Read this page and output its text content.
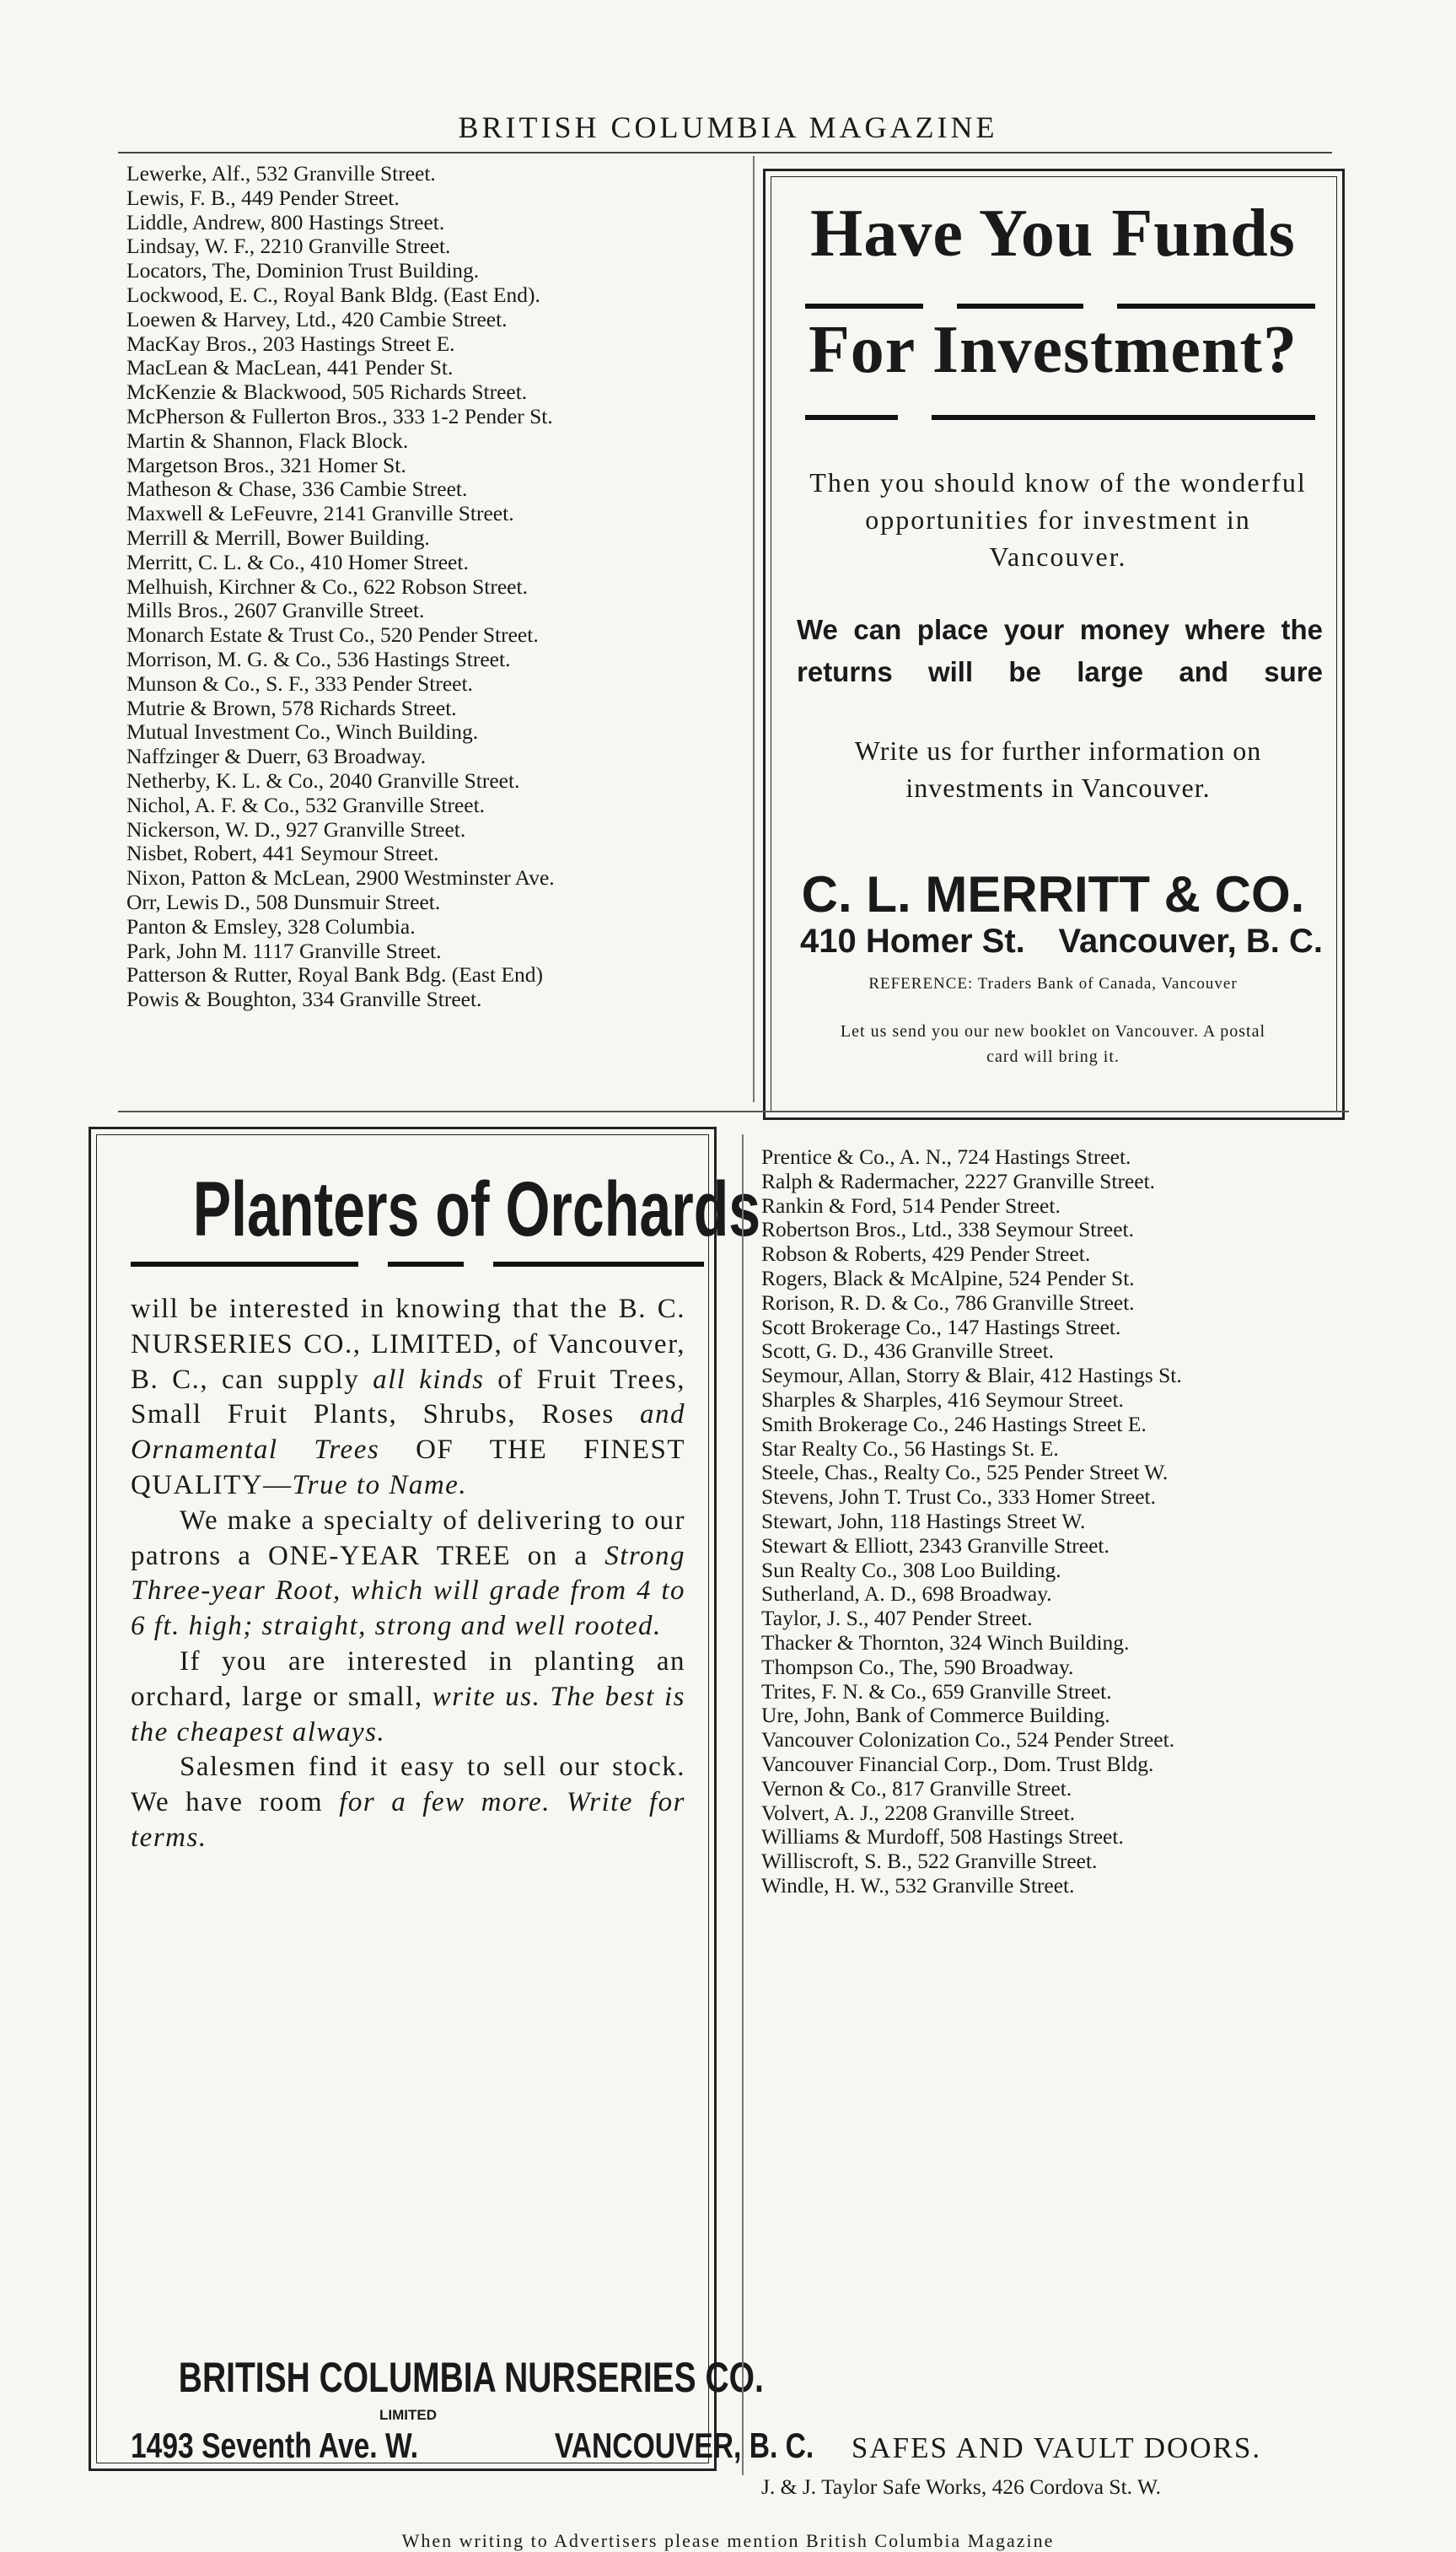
BRITISH COLUMBIA MAGAZINE
Lewerke, Alf., 532 Granville Street.
Lewis, F. B., 449 Pender Street.
Liddle, Andrew, 800 Hastings Street.
Lindsay, W. F., 2210 Granville Street.
Locators, The, Dominion Trust Building.
Lockwood, E. C., Royal Bank Bldg. (East End).
Loewen & Harvey, Ltd., 420 Cambie Street.
MacKay Bros., 203 Hastings Street E.
MacLean & MacLean, 441 Pender St.
McKenzie & Blackwood, 505 Richards Street.
McPherson & Fullerton Bros., 333 1-2 Pender St.
Martin & Shannon, Flack Block.
Margetson Bros., 321 Homer St.
Matheson & Chase, 336 Cambie Street.
Maxwell & LeFeuvre, 2141 Granville Street.
Merrill & Merrill, Bower Building.
Merritt, C. L. & Co., 410 Homer Street.
Melhuish, Kirchner & Co., 622 Robson Street.
Mills Bros., 2607 Granville Street.
Monarch Estate & Trust Co., 520 Pender Street.
Morrison, M. G. & Co., 536 Hastings Street.
Munson & Co., S. F., 333 Pender Street.
Mutrie & Brown, 578 Richards Street.
Mutual Investment Co., Winch Building.
Naffzinger & Duerr, 63 Broadway.
Netherby, K. L. & Co., 2040 Granville Street.
Nichol, A. F. & Co., 532 Granville Street.
Nickerson, W. D., 927 Granville Street.
Nisbet, Robert, 441 Seymour Street.
Nixon, Patton & McLean, 2900 Westminster Ave.
Orr, Lewis D., 508 Dunsmuir Street.
Panton & Emsley, 328 Columbia.
Park, John M. 1117 Granville Street.
Patterson & Rutter, Royal Bank Bdg. (East End)
Powis & Boughton, 334 Granville Street.
Have You Funds
For Investment?
Then you should know of the wonderful opportunities for investment in Vancouver.
We can place your money where the returns will be large and sure
Write us for further information on investments in Vancouver.
C. L. MERRITT & CO.
410 Homer St. Vancouver, B. C.
REFERENCE: Traders Bank of Canada, Vancouver
Let us send you our new booklet on Vancouver. A postal card will bring it.
Planters of Orchards

will be interested in knowing that the B. C. NURSERIES CO., LIMITED, of Vancouver, B. C., can supply all kinds of Fruit Trees, Small Fruit Plants, Shrubs, Roses and Ornamental Trees OF THE FINEST QUALITY—True to Name.

We make a specialty of delivering to our patrons a ONE-YEAR TREE on a Strong Three-year Root, which will grade from 4 to 6 ft. high; straight, strong and well rooted.

If you are interested in planting an orchard, large or small, write us. The best is the cheapest always.

Salesmen find it easy to sell our stock. We have room for a few more. Write for terms.

BRITISH COLUMBIA NURSERIES CO.
LIMITED
1493 Seventh Ave. W.	VANCOUVER, B. C.
Prentice & Co., A. N., 724 Hastings Street.
Ralph & Radermacher, 2227 Granville Street.
Rankin & Ford, 514 Pender Street.
Robertson Bros., Ltd., 338 Seymour Street.
Robson & Roberts, 429 Pender Street.
Rogers, Black & McAlpine, 524 Pender St.
Rorison, R. D. & Co., 786 Granville Street.
Scott Brokerage Co., 147 Hastings Street.
Scott, G. D., 436 Granville Street.
Seymour, Allan, Storry & Blair, 412 Hastings St.
Sharples & Sharples, 416 Seymour Street.
Smith Brokerage Co., 246 Hastings Street E.
Star Realty Co., 56 Hastings St. E.
Steele, Chas., Realty Co., 525 Pender Street W.
Stevens, John T. Trust Co., 333 Homer Street.
Stewart, John, 118 Hastings Street W.
Stewart & Elliott, 2343 Granville Street.
Sun Realty Co., 308 Loo Building.
Sutherland, A. D., 698 Broadway.
Taylor, J. S., 407 Pender Street.
Thacker & Thornton, 324 Winch Building.
Thompson Co., The, 590 Broadway.
Trites, F. N. & Co., 659 Granville Street.
Ure, John, Bank of Commerce Building.
Vancouver Colonization Co., 524 Pender Street.
Vancouver Financial Corp., Dom. Trust Bldg.
Vernon & Co., 817 Granville Street.
Volvert, A. J., 2208 Granville Street.
Williams & Murdoff, 508 Hastings Street.
Williscroft, S. B., 522 Granville Street.
Windle, H. W., 532 Granville Street.
SAFES AND VAULT DOORS.
J. & J. Taylor Safe Works, 426 Cordova St. W.
When writing to Advertisers please mention British Columbia Magazine
